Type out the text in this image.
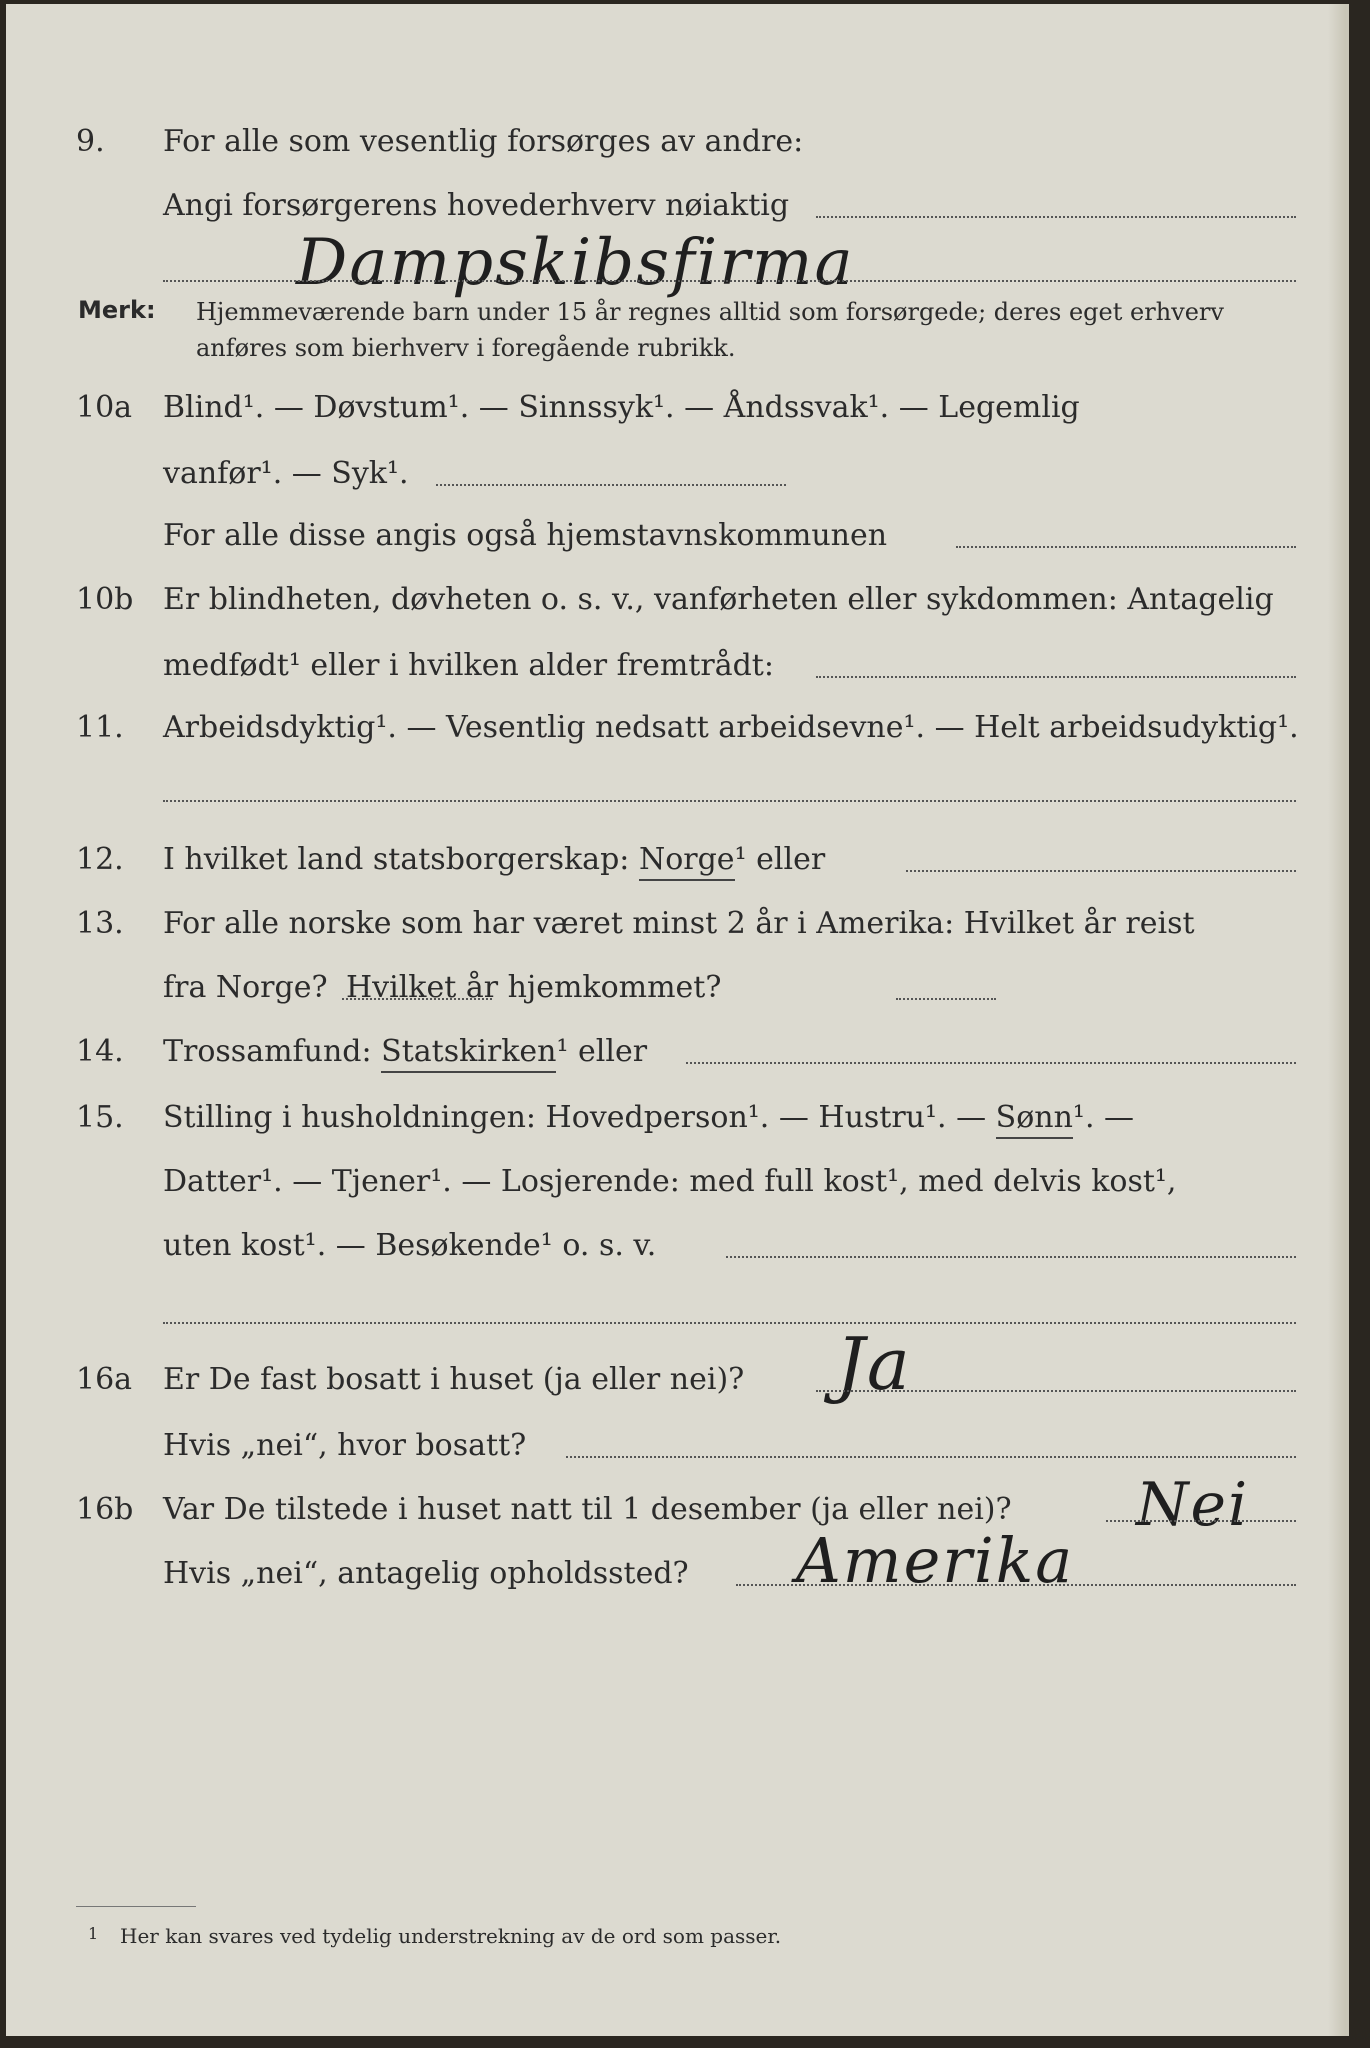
9.	For alle som vesentlig forsørges av andre:
Angi forsørgerens hovederhverv nøiaktig
Dampskibsfirma
Merk: Hjemmeværende barn under 15 år regnes alltid som forsørgede; deres eget erhverv
anføres som bierhverv i foregående rubrikk.
10a	Blind¹. — Døvstum¹. — Sinnssyk¹. — Åndssvak¹. — Legemlig
vanfør¹. — Syk¹.
For alle disse angis også hjemstavnskommunen
10b Er blindheten, døvheten o. s. v., vanførheten eller sykdommen: Antagelig
medfødt¹ eller i hvilken alder fremtrådt:
11.	Arbeidsdyktig¹. — Vesentlig nedsatt arbeidsevne¹. — Helt arbeidsudyktig¹.
12.	I hvilket land statsborgerskap: Norge¹ eller
13.	For alle norske som har været minst 2 år i Amerika: Hvilket år reist
fra Norge? Hvilket år hjemkommet?
14.	Trossamfund: Statskirken¹ eller
15.	Stilling i husholdningen: Hovedperson¹. — Hustru¹. — Sønn¹. —
Datter¹. — Tjener¹. — Losjerende: med full kost¹, med delvis kost¹,
uten kost¹. — Besøkende¹ o. s. v.
16a	Er De fast bosatt i huset (ja eller nei)? Ja
Hvis „nei“, hvor bosatt?
16b Var De tilstede i huset natt til 1 desember (ja eller nei)? Nei
Hvis „nei“, antagelig opholdssted? Amerika
1 Her kan svares ved tydelig understrekning av de ord som passer.
